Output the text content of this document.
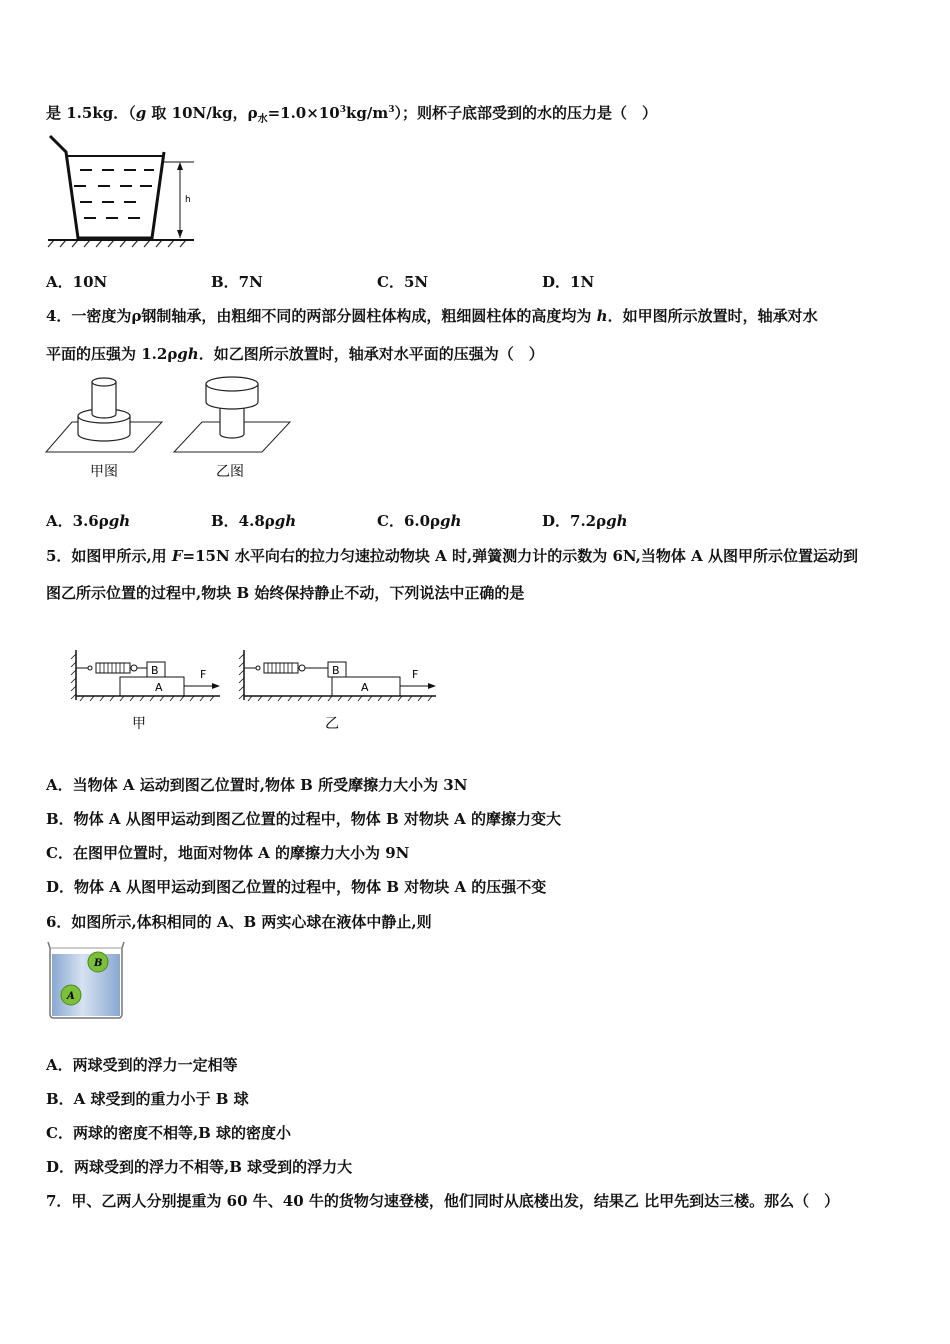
是 1.5kg．（g 取 10N/kg，$\rho_水=1.0\times 10^3kg/m^3$）；则杯子底部受到的水的压力是（　）
h
A．10N	B．7N	C．5N	D．1N
4．一密度为ρ钢制轴承，由粗细不同的两部分圆柱体构成，粗细圆柱体的高度均为 h．如甲图所示放置时，轴承对水
平面的压强为 1.2ρgh．如乙图所示放置时，轴承对水平面的压强为（　）
甲图	乙图
A．3.6ρgh	B．4.8ρgh	C．6.0ρgh	D．7.2ρgh
5．如图甲所示,用 F=15N 水平向右的拉力匀速拉动物块 A 时,弹簧测力计的示数为 6N,当物体 A 从图甲所示位置运动到
图乙所示位置的过程中,物块 B 始终保持静止不动，下列说法中正确的是
B
A
F
甲
B
A
F
乙
A．当物体 A 运动到图乙位置时,物体 B 所受摩擦力大小为 3N
B．物体 A 从图甲运动到图乙位置的过程中，物体 B 对物块 A 的摩擦力变大
C．在图甲位置时，地面对物体 A 的摩擦力大小为 9N
D．物体 A 从图甲运动到图乙位置的过程中，物体 B 对物块 A 的压强不变
6．如图所示,体积相同的 A、B 两实心球在液体中静止,则
B
A
A．两球受到的浮力一定相等
B．A 球受到的重力小于 B 球
C．两球的密度不相等,B 球的密度小
D．两球受到的浮力不相等,B 球受到的浮力大
7．甲、乙两人分别提重为 60 牛、40 牛的货物匀速登楼，他们同时从底楼出发，结果乙 比甲先到达三楼。那么（　）
